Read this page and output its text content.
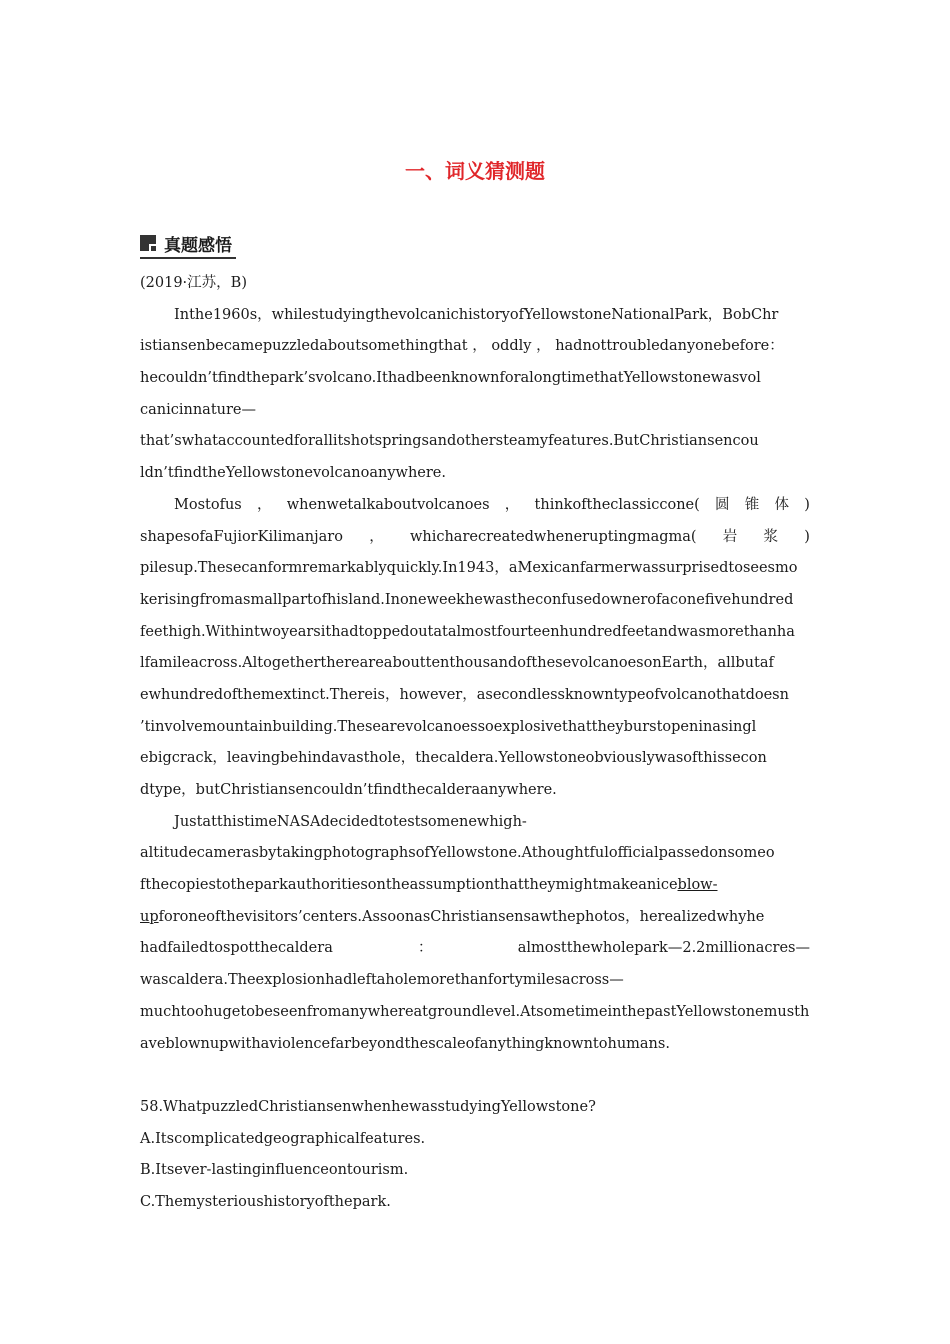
一、词义猜测题
真题感悟
(2019·江苏，B)
Inthe1960s，whilestudyingthevolcanichistoryofYellowstoneNationalPark，BobChr
istiansenbecamepuzzledaboutsomethingthat ， oddly ， hadnottroubledanyonebefore：
hecouldn’tfindthepark’svolcano.IthadbeenknownforalongtimethatYellowstonewasvol
canicinnature—
that’swhataccountedforallitshotspringsandothersteamyfeatures.ButChristiansencou
ldn’tfindtheYellowstonevolcanoanywhere.
Mostofus ， whenwetalkaboutvolcanoes ， thinkoftheclassiccone( 圆 锥 体 )
shapesofaFujiorKilimanjaro ， whicharecreatedwheneruptingmagma( 岩 浆 )
pilesup.Thesecanformremarkablyquickly.In1943，aMexicanfarmerwassurprisedtoseesmo
kerisingfromasmallpartofhisland.Inoneweekhewastheconfusedownerofaconefivehundred
feethigh.Withintwoyearsithadtoppedoutatalmostfourteenhundredfeetandwasmorethanha
lfamileacross.AltogetherthereareabouttenthousandofthesevolcanoesonEarth，allbutaf
ewhundredofthemextinct.Thereis，however，asecondlessknowntypeofvolcanothatdoesn
’tinvolvemountainbuilding.Thesearevolcanoessoexplosivethattheyburstopeninasingl
ebigcrack，leavingbehindavasthole，thecaldera.Yellowstoneobviouslywasofthissecon
dtype，butChristiansencouldn’tfindthecalderaanywhere.
JustatthistimeNASAdecidedtotestsomenewhigh-
altitudecamerasbytakingphotographsofYellowstone.Athoughtfulofficialpassedonsomeo
fthecopiestotheparkauthoritiesontheassumptionthattheymightmakeaniceblow-
upforoneofthevisitors’centers.AssoonasChristiansensawthephotos，herealizedwhyhe
hadfailedtospotthecaldera	：	almostthewholepark—2.2millionacres—
wascaldera.Theexplosionhadleftaholemorethanfortymilesacross—
muchtoohugetobeseenfromanywhereatgroundlevel.AtsometimeinthepastYellowstonemusth
aveblownupwithaviolencefarbeyondthescaleofanythingknowntohumans.
58.WhatpuzzledChristiansenwhenhewasstudyingYellowstone?
A.Itscomplicatedgeographicalfeatures.
B.Itsever-lastinginfluenceontourism.
C.Themysterioushistoryofthepark.
